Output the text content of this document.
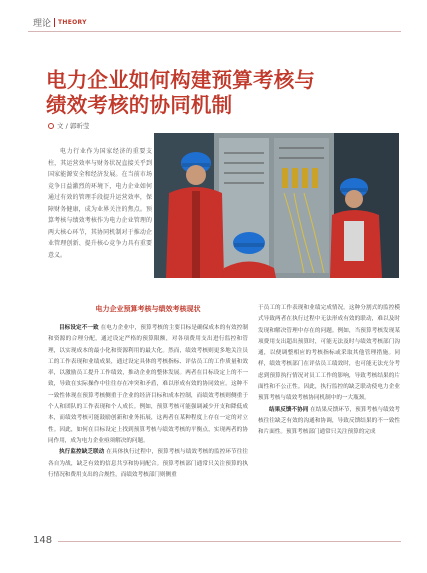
理论 THEORY
电力企业如何构建预算考核与
绩效考核的协同机制
文 / 郭昕莹
电力行业作为国家经济的重要支柱，其运营效率与财务状况直接关乎到国家能源安全和经济发展。在当前市场竞争日益激烈的环境下，电力企业如何通过有效的管理手段提升运营效率，保障财务健康，成为业界关注的焦点。预算考核与绩效考核作为电力企业管理的两大核心环节，其协同机制对于推动企业管理创新、提升核心竞争力具有重要意义。

电力企业预算考核与绩效考核现状

目标设定不一致 在电力企业中，预算考核的主要目标是确保成本的有效控制和资源的合理分配，通过设定严格的预算限额，对各项费用支出进行监控和管理，以实现成本的最小化和资源利用的最大化。然而，绩效考核则更多地关注员工的工作表现和业绩成果，通过设定具体的考核指标、评估员工的工作质量和效率，以激励员工提升工作绩效，推动企业的整体发展。两者在目标设定上的不一致，导致在实际操作中往往存在冲突和矛盾，难以形成有效的协同效应。这种不一致性体现在预算考核侧重于企业的经济目标和成本控制，而绩效考核则侧重于个人和团队的工作表现和个人成长。例如，预算考核可能强调减少开支和降低成本，而绩效考核可能鼓励创新和业务拓展，这两者在某种程度上存在一定的对立性。因此，如何在目标设定上找到预算考核与绩效考核的平衡点，实现两者的协同作用，成为电力企业亟须解决的问题。

执行监控缺乏联动 在具体执行过程中，预算考核与绩效考核的监控环节往往各自为战，缺乏有效的信息共享和协同配合。预算考核部门通常只关注预算的执行情况和费用支出的合规性，而绩效考核部门则侧重

于员工的工作表现和业绩完成情况。这种分割式的监控模式导致两者在执行过程中无法形成有效的联动，难以及时发现和解决管理中存在的问题。例如，当预算考核发现某项费用支出超出预算时，可能无法及时与绩效考核部门沟通，以便调整相应的考核指标或采取其他管理措施。同样，绩效考核部门在评估员工绩效时，也可能无法充分考虑到预算执行情况对员工工作的影响，导致考核结果的片面性和不公正性。因此，执行监控的缺乏联动使电力企业预算考核与绩效考核协同机制中的一大瓶颈。

结果反馈不协同 在结果反馈环节，预算考核与绩效考核往往缺乏有效的沟通和协调，导致反馈结果的不一致性和片面性。预算考核部门通常只关注预算的完成

148
